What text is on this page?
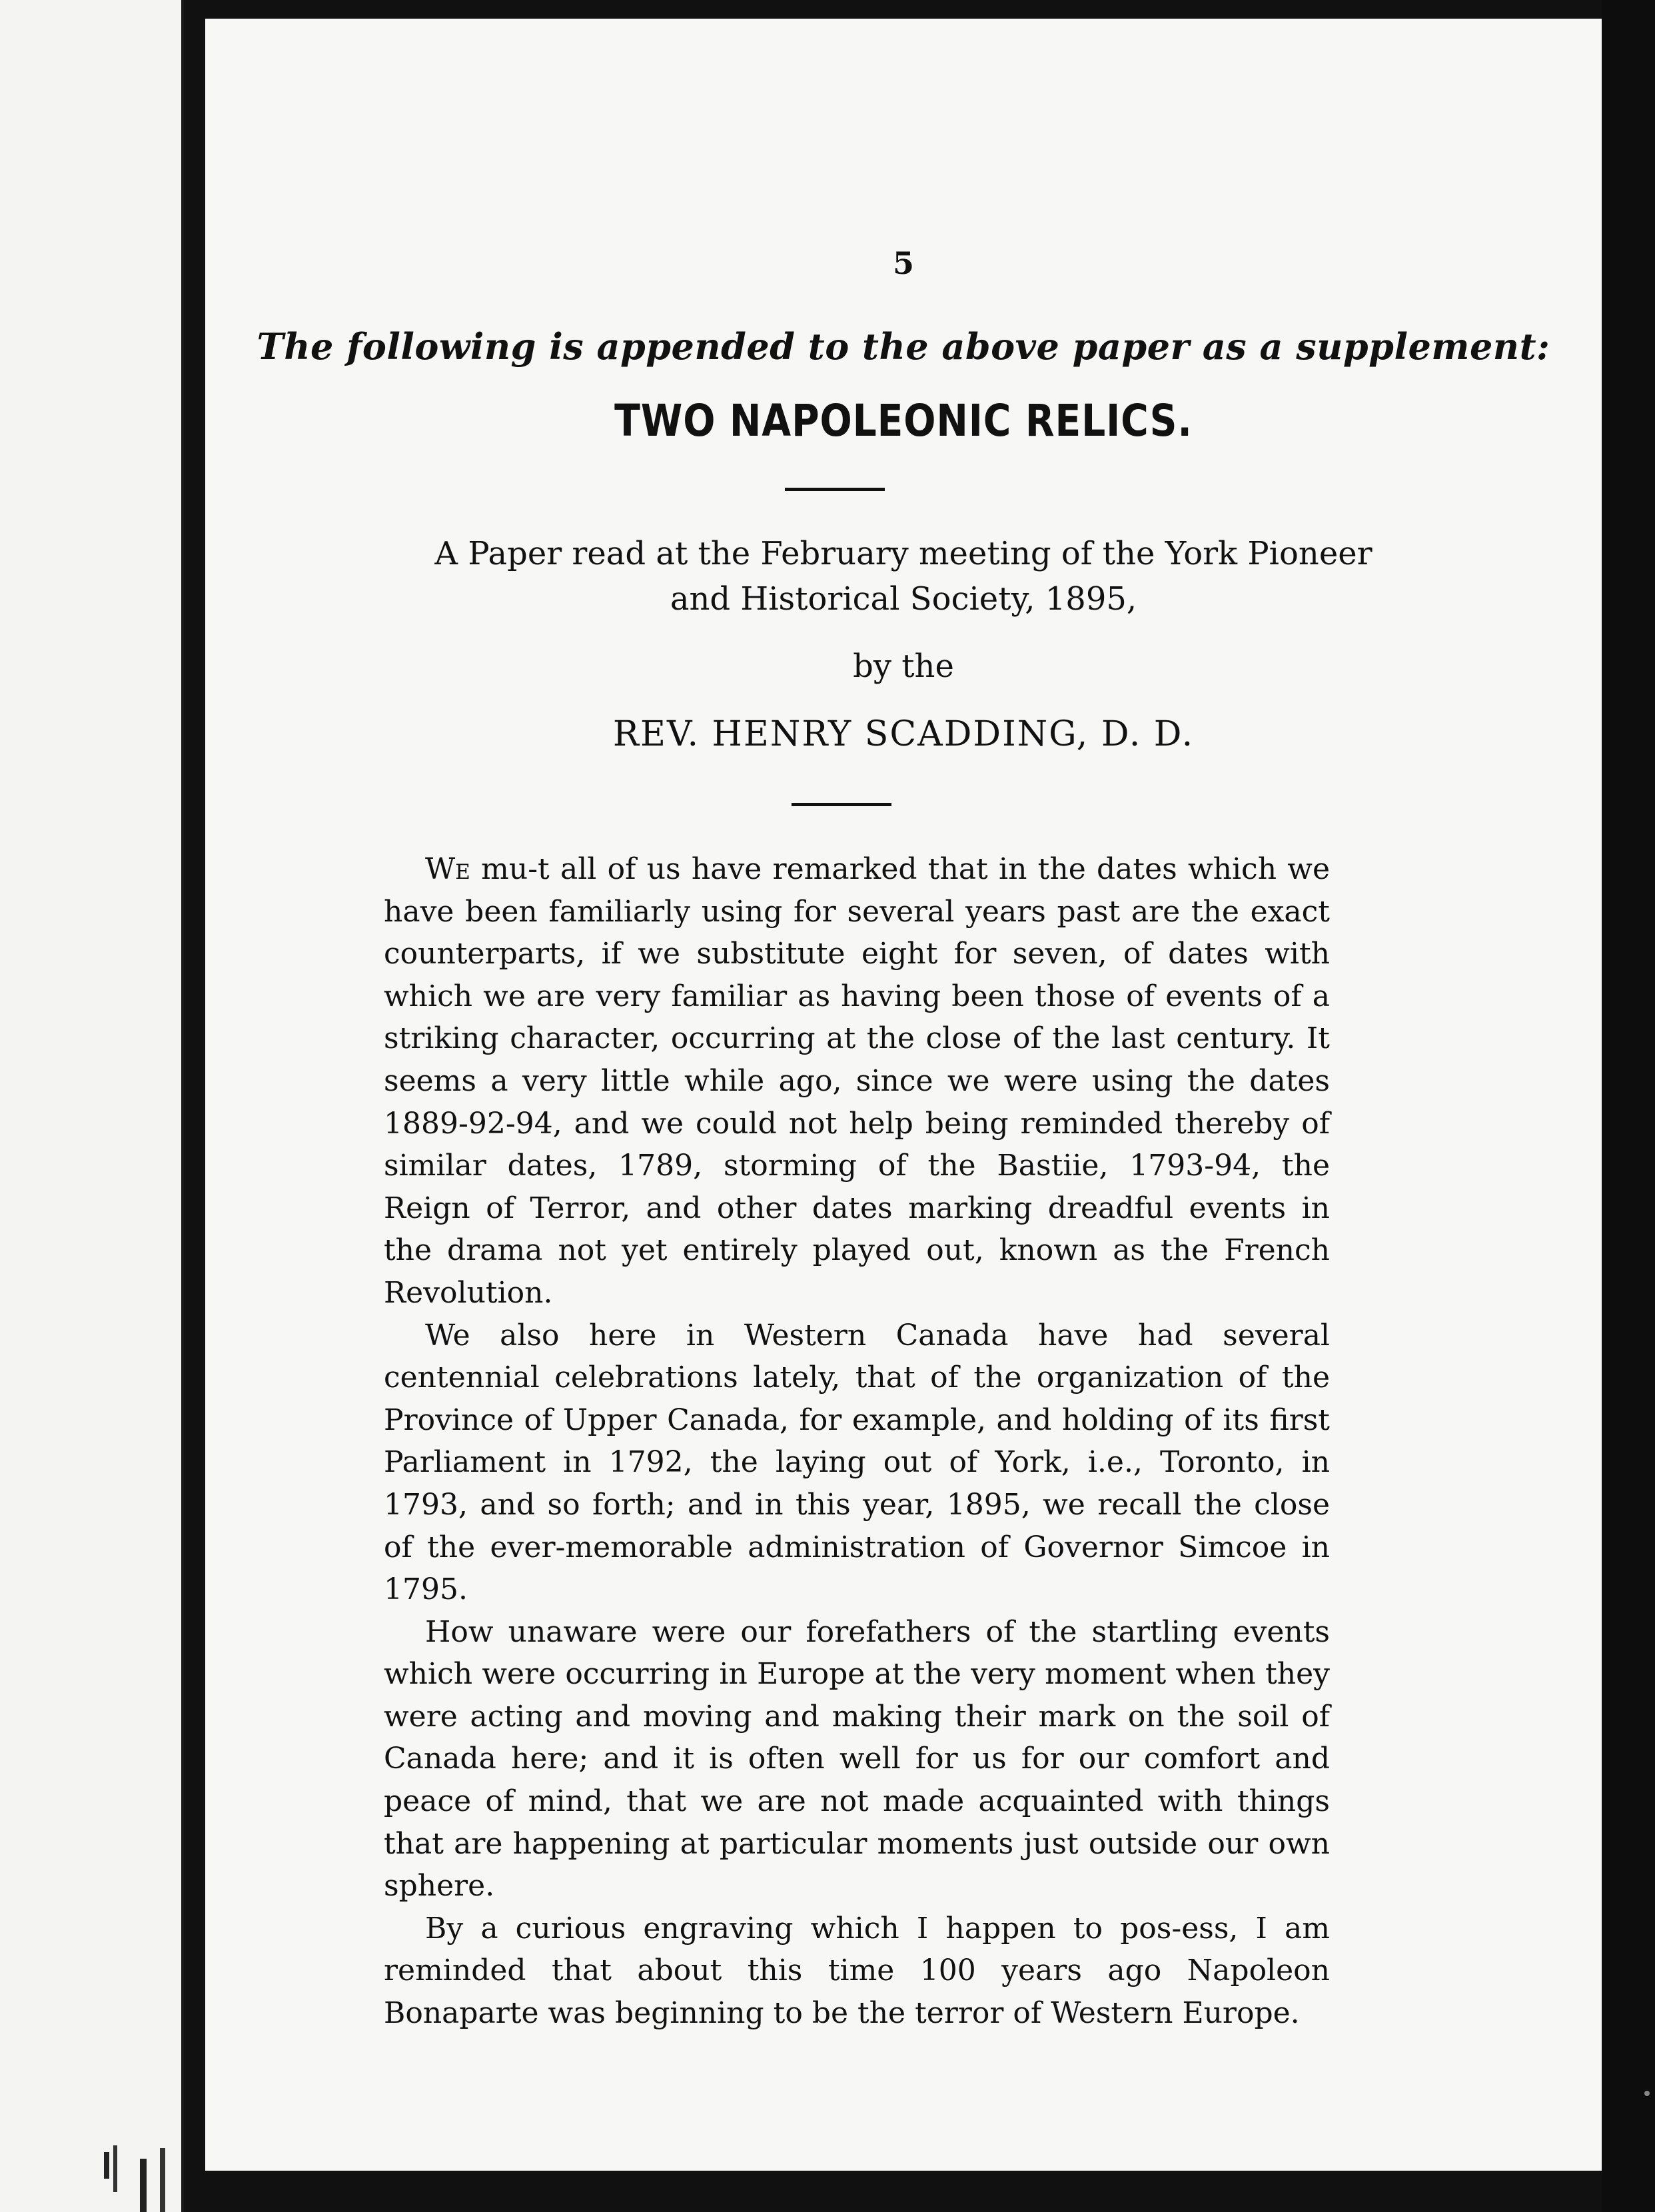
5
The following is appended to the above paper as a supplement:
TWO NAPOLEONIC RELICS.
A Paper read at the February meeting of the York Pioneer
and Historical Society, 1895,
by the
REV. HENRY SCADDING, D. D.

We mu-t all of us have remarked that in the dates which we have been familiarly using for several years past are the exact counterparts, if we substitute eight for seven, of dates with which we are very familiar as having been those of events of a striking character, occurring at the close of the last century. It seems a very little while ago, since we were using the dates 1889-92-94, and we could not help being reminded thereby of similar dates, 1789, storming of the Bastiie, 1793-94, the Reign of Terror, and other dates marking dreadful events in the drama not yet entirely played out, known as the French Revolution.

We also here in Western Canada have had several centennial celebrations lately, that of the organization of the Province of Upper Canada, for example, and holding of its first Parliament in 1792, the laying out of York, i.e., Toronto, in 1793, and so forth; and in this year, 1895, we recall the close of the ever-memorable administration of Governor Simcoe in 1795.

How unaware were our forefathers of the startling events which were occurring in Europe at the very moment when they were acting and moving and making their mark on the soil of Canada here; and it is often well for us for our comfort and peace of mind, that we are not made acquainted with things that are happening at particular moments just outside our own sphere.

By a curious engraving which I happen to pos-ess, I am reminded that about this time 100 years ago Napoleon Bonaparte was beginning to be the terror of Western Europe.
